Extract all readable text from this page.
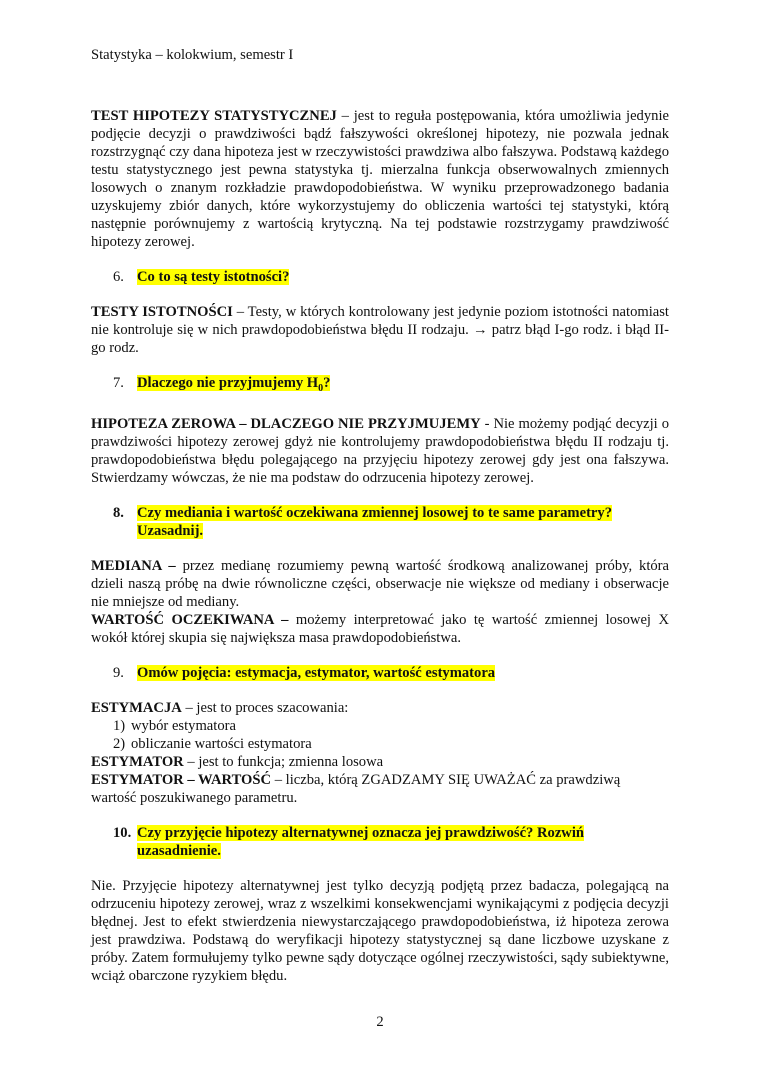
Statystyka – kolokwium, semestr I

TEST HIPOTEZY STATYSTYCZNEJ – jest to reguła postępowania, która umożliwia jedynie podjęcie decyzji o prawdziwości bądź fałszywości określonej hipotezy, nie pozwala jednak rozstrzygnąć czy dana hipoteza jest w rzeczywistości prawdziwa albo fałszywa. Podstawą każdego testu statystycznego jest pewna statystyka tj. mierzalna funkcja obserwowalnych zmiennych losowych o znanym rozkładzie prawdopodobieństwa. W wyniku przeprowadzonego badania uzyskujemy zbiór danych, które wykorzystujemy do obliczenia wartości tej statystyki, którą następnie porównujemy z wartością krytyczną. Na tej podstawie rozstrzygamy prawdziwość hipotezy zerowej.

6. Co to są testy istotności?

TESTY ISTOTNOŚCI – Testy, w których kontrolowany jest jedynie poziom istotności natomiast nie kontroluje się w nich prawdopodobieństwa błędu II rodzaju. → patrz błąd I-go rodz. i błąd II-go rodz.

7. Dlaczego nie przyjmujemy $H_0$?

HIPOTEZA ZEROWA – DLACZEGO NIE PRZYJMUJEMY - Nie możemy podjąć decyzji o prawdziwości hipotezy zerowej gdyż nie kontrolujemy prawdopodobieństwa błędu II rodzaju tj. prawdopodobieństwa błędu polegającego na przyjęciu hipotezy zerowej gdy jest ona fałszywa. Stwierdzamy wówczas, że nie ma podstaw do odrzucenia hipotezy zerowej.

8. Czy mediania i wartość oczekiwana zmiennej losowej to te same parametry? Uzasadnij.

MEDIANA – przez medianę rozumiemy pewną wartość środkową analizowanej próby, która dzieli naszą próbę na dwie równoliczne części, obserwacje nie większe od mediany i obserwacje nie mniejsze od mediany.

WARTOŚĆ OCZEKIWANA – możemy interpretować jako tę wartość zmiennej losowej X wokół której skupia się największa masa prawdopodobieństwa.

9. Omów pojęcia: estymacja, estymator, wartość estymatora

ESTYMACJA – jest to proces szacowania:

1) wybór estymatora
2) obliczanie wartości estymatora

ESTYMATOR – jest to funkcja; zmienna losowa

ESTYMATOR – WARTOŚĆ – liczba, którą ZGADZAMY SIĘ UWAŻAĆ za prawdziwą wartość poszukiwanego parametru.

10. Czy przyjęcie hipotezy alternatywnej oznacza jej prawdziwość? Rozwiń uzasadnienie.

Nie. Przyjęcie hipotezy alternatywnej jest tylko decyzją podjętą przez badacza, polegającą na odrzuceniu hipotezy zerowej, wraz z wszelkimi konsekwencjami wynikającymi z podjęcia decyzji błędnej. Jest to efekt stwierdzenia niewystarczającego prawdopodobieństwa, iż hipoteza zerowa jest prawdziwa. Podstawą do weryfikacji hipotezy statystycznej są dane liczbowe uzyskane z próby. Zatem formułujemy tylko pewne sądy dotyczące ogólnej rzeczywistości, sądy subiektywne, wciąż obarczone ryzykiem błędu.

2
